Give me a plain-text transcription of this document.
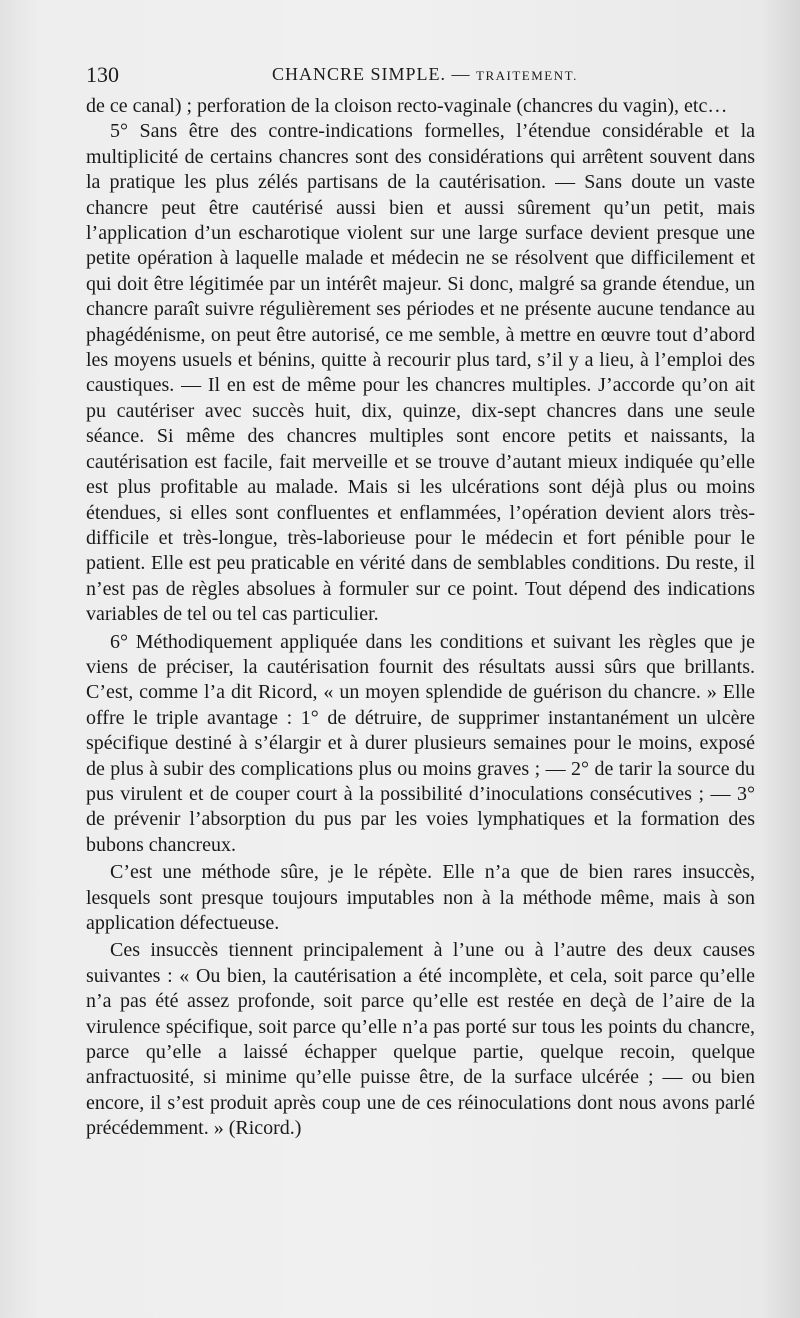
130	CHANCRE SIMPLE. — TRAITEMENT.

de ce canal) ; perforation de la cloison recto-vaginale (chancres du vagin), etc…

5° Sans être des contre-indications formelles, l’étendue considérable et la multiplicité de certains chancres sont des considérations qui arrêtent souvent dans la pratique les plus zélés partisans de la cautérisation. — Sans doute un vaste chancre peut être cautérisé aussi bien et aussi sûrement qu’un petit, mais l’application d’un escharotique violent sur une large surface devient presque une petite opération à laquelle malade et médecin ne se résolvent que difficilement et qui doit être légitimée par un intérêt majeur. Si donc, malgré sa grande étendue, un chancre paraît suivre régulièrement ses périodes et ne présente aucune tendance au phagédénisme, on peut être autorisé, ce me semble, à mettre en œuvre tout d’abord les moyens usuels et bénins, quitte à recourir plus tard, s’il y a lieu, à l’emploi des caustiques. — Il en est de même pour les chancres multiples. J’accorde qu’on ait pu cautériser avec succès huit, dix, quinze, dix-sept chancres dans une seule séance. Si même des chancres multiples sont encore petits et naissants, la cautérisation est facile, fait merveille et se trouve d’autant mieux indiquée qu’elle est plus profitable au malade. Mais si les ulcérations sont déjà plus ou moins étendues, si elles sont confluentes et enflammées, l’opération devient alors très-difficile et très-longue, très-laborieuse pour le médecin et fort pénible pour le patient. Elle est peu praticable en vérité dans de semblables conditions. Du reste, il n’est pas de règles absolues à formuler sur ce point. Tout dépend des indications variables de tel ou tel cas particulier.

6° Méthodiquement appliquée dans les conditions et suivant les règles que je viens de préciser, la cautérisation fournit des résultats aussi sûrs que brillants. C’est, comme l’a dit Ricord, « un moyen splendide de guérison du chancre. » Elle offre le triple avantage : 1° de détruire, de supprimer instantanément un ulcère spécifique destiné à s’élargir et à durer plusieurs semaines pour le moins, exposé de plus à subir des complications plus ou moins graves ; — 2° de tarir la source du pus virulent et de couper court à la possibilité d’inoculations consécutives ; — 3° de prévenir l’absorption du pus par les voies lymphatiques et la formation des bubons chancreux.

C’est une méthode sûre, je le répète. Elle n’a que de bien rares insuccès, lesquels sont presque toujours imputables non à la méthode même, mais à son application défectueuse.

Ces insuccès tiennent principalement à l’une ou à l’autre des deux causes suivantes : « Ou bien, la cautérisation a été incomplète, et cela, soit parce qu’elle n’a pas été assez profonde, soit parce qu’elle est restée en deçà de l’aire de la virulence spécifique, soit parce qu’elle n’a pas porté sur tous les points du chancre, parce qu’elle a laissé échapper quelque partie, quelque recoin, quelque anfractuosité, si minime qu’elle puisse être, de la surface ulcérée ; — ou bien encore, il s’est produit après coup une de ces réinoculations dont nous avons parlé précédemment. » (Ricord.)
